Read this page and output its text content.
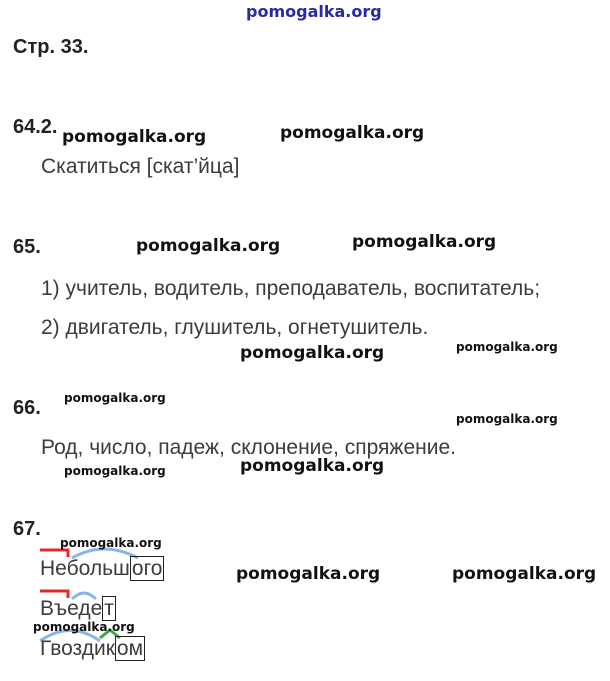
pomogalka.org
Стр. 33.
64.2.
Скатиться [скат’йца]
65.
1) учитель, водитель, преподаватель, воспитатель;
2) двигатель, глушитель, огнетушитель.
66.
Род, число, падеж, склонение, спряжение.
67.
Небольшого
Въедет
Гвоздиком
pomogalka.org	pomogalka.org
pomogalka.org	pomogalka.org
pomogalka.org	pomogalka.org
pomogalka.org
pomogalka.org
pomogalka.org	pomogalka.org
pomogalka.org
pomogalka.org	pomogalka.org
pomogalka.org
